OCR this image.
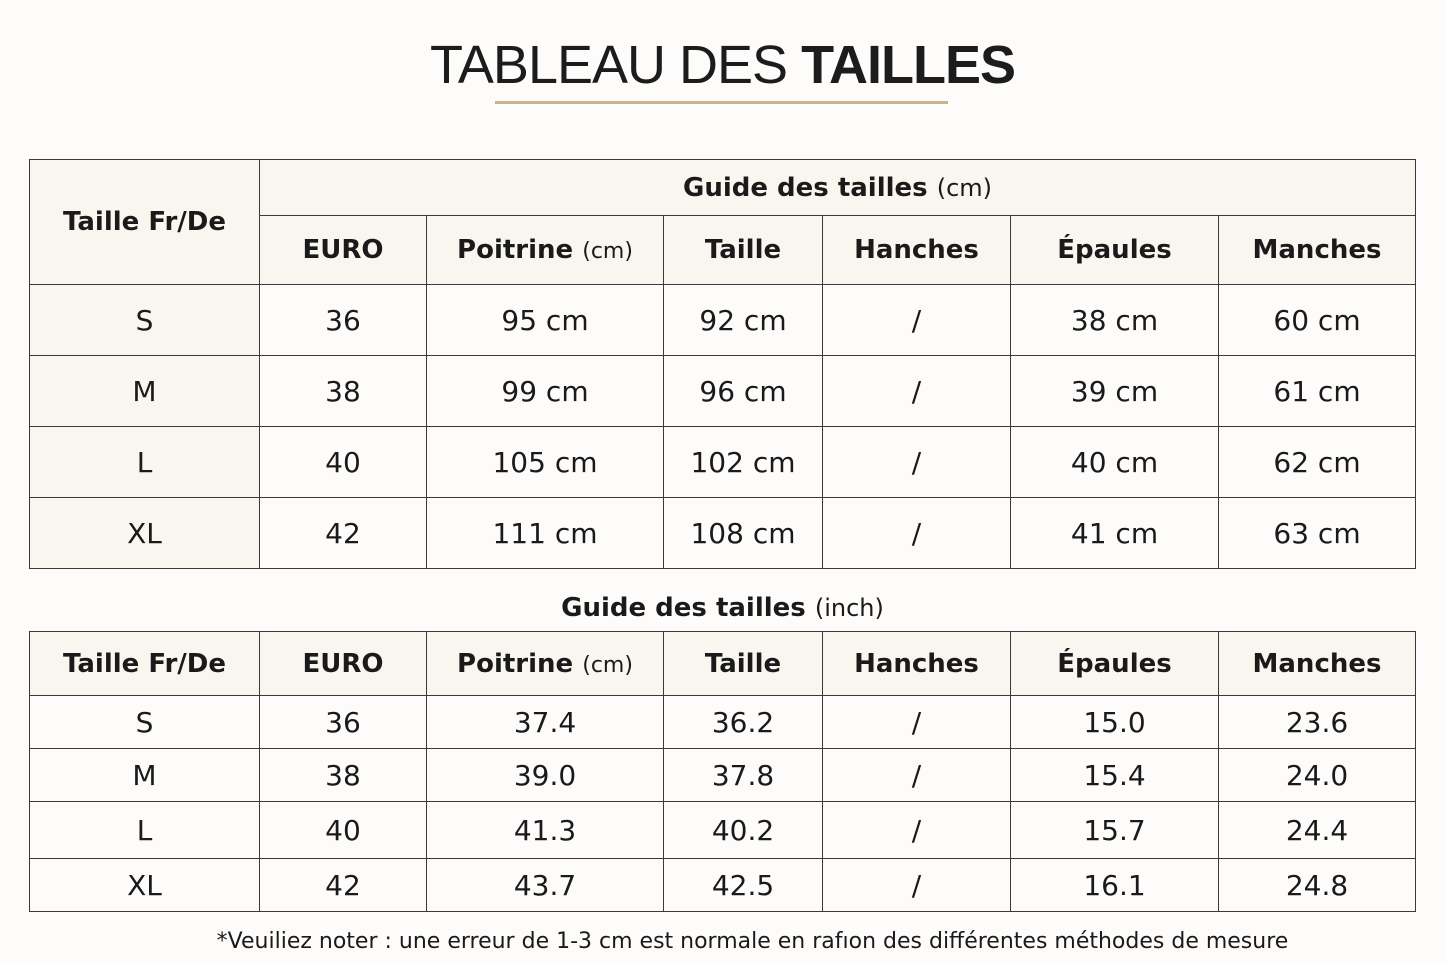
TABLEAU DES TAILLES
Taille Fr/De	Guide des tailles (cm)					
	EURO	Poitrine (cm)	Taille	Hanches	Épaules	Manches
S	36	95 cm	92 cm	/	38 cm	60 cm
M	38	99 cm	96 cm	/	39 cm	61 cm
L	40	105 cm	102 cm	/	40 cm	62 cm
XL	42	111 cm	108 cm	/	41 cm	63 cm
Guide des tailles (inch)
Taille Fr/De	EURO	Poitrine (cm)	Taille	Hanches	Épaules	Manches
S	36	37.4	36.2	/	15.0	23.6
M	38	39.0	37.8	/	15.4	24.0
L	40	41.3	40.2	/	15.7	24.4
XL	42	43.7	42.5	/	16.1	24.8
*Veuiliez noter : une erreur de 1-3 cm est normale en rafıon des différentes méthodes de mesure
